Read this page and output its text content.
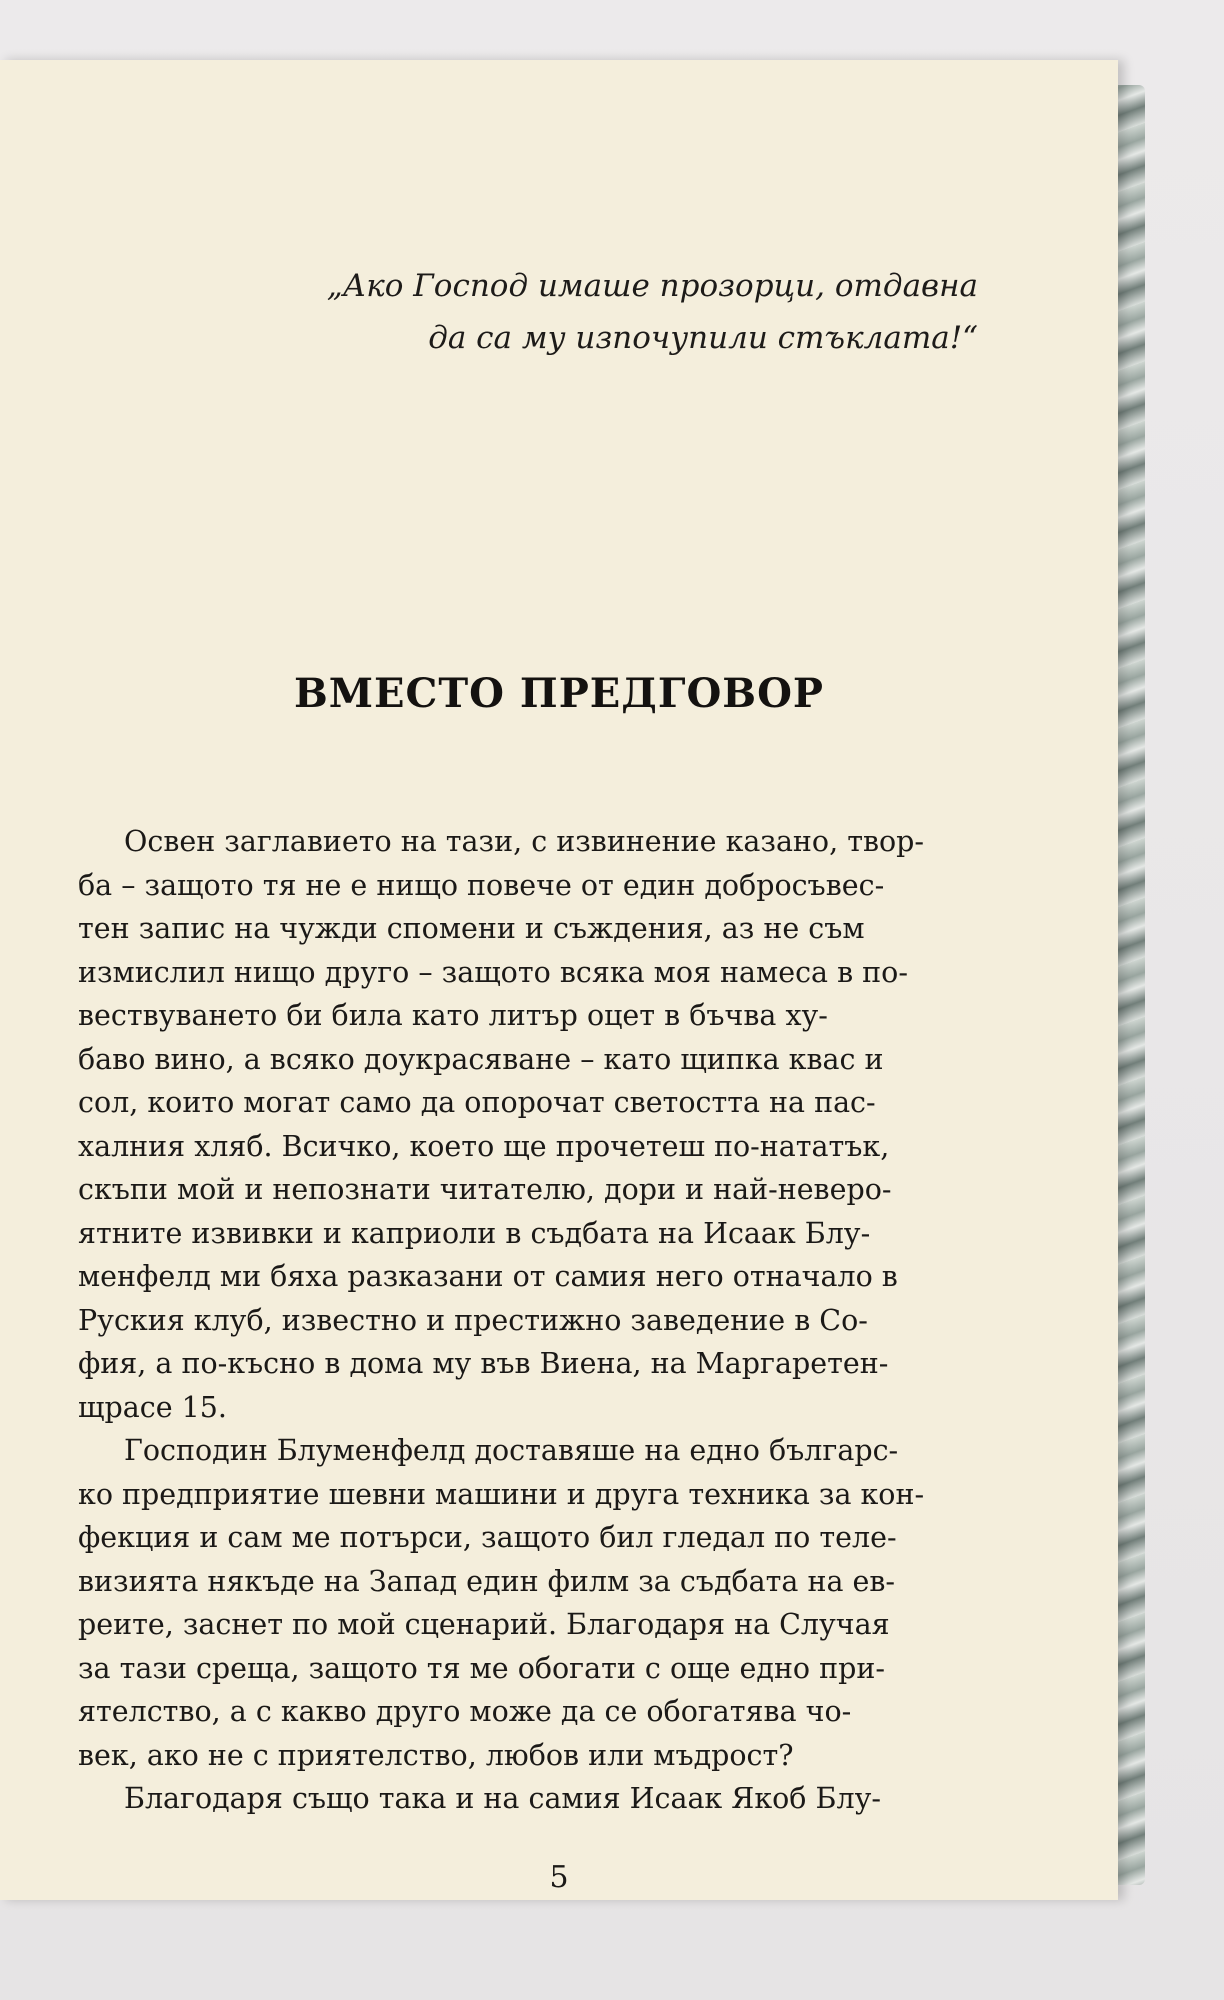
„Ако Господ имаше прозорци, отдавна
да са му изпочупили стъклата!“
ВМЕСТО ПРЕДГОВОР
Освен заглавието на тази, с извинение казано, твор-
ба – защото тя не е нищо повече от един добросъвес-
тен запис на чужди спомени и съждения, аз не съм
измислил нищо друго – защото всяка моя намеса в по-
вествуването би била като литър оцет в бъчва ху-
баво вино, а всяко доукрасяване – като щипка квас и
сол, които могат само да опорочат светостта на пас-
халния хляб. Всичко, което ще прочетеш по-нататък,
скъпи мой и непознати читателю, дори и най-неверо-
ятните извивки и каприоли в съдбата на Исаак Блу-
менфелд ми бяха разказани от самия него отначало в
Руския клуб, известно и престижно заведение в Со-
фия, а по-късно в дома му във Виена, на Маргаретен-
щрасе 15.
Господин Блуменфелд доставяше на едно българс-
ко предприятие шевни машини и друга техника за кон-
фекция и сам ме потърси, защото бил гледал по теле-
визията някъде на Запад един филм за съдбата на ев-
реите, заснет по мой сценарий. Благодаря на Случая
за тази среща, защото тя ме обогати с още едно при-
ятелство, а с какво друго може да се обогатява чо-
век, ако не с приятелство, любов или мъдрост?
Благодаря също така и на самия Исаак Якоб Блу-
5
